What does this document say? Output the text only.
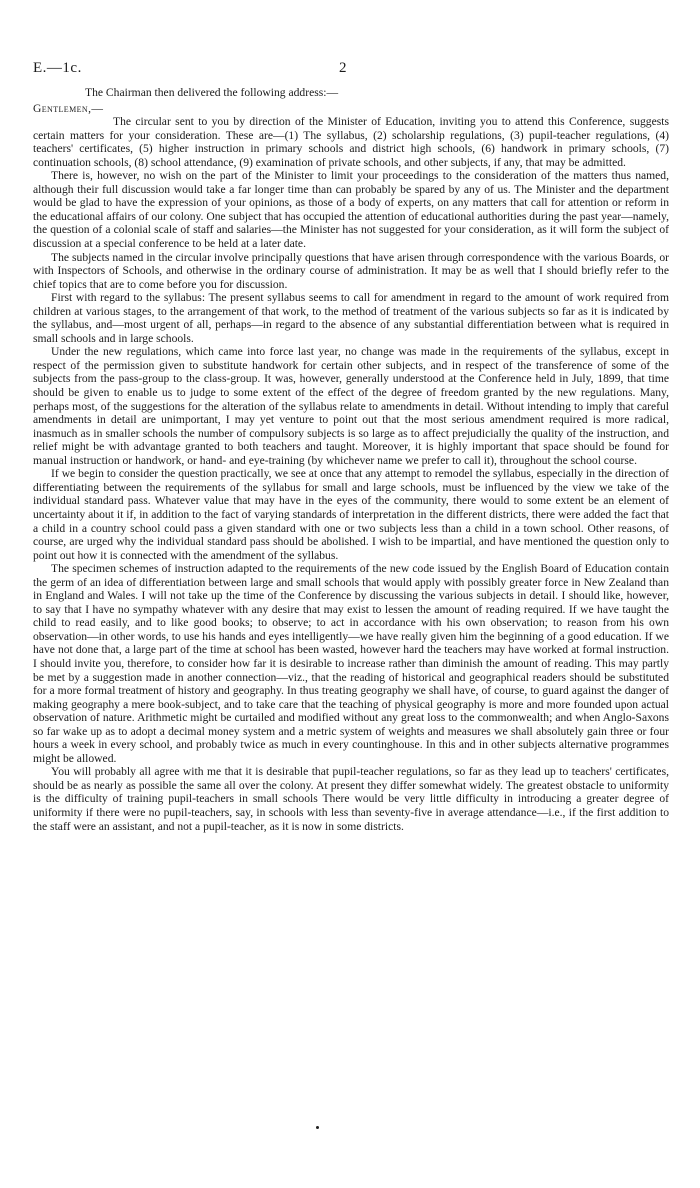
E.—1c.	2

The Chairman then delivered the following address:—

Gentlemen,—

The circular sent to you by direction of the Minister of Education, inviting you to attend this Conference, suggests certain matters for your consideration. These are—(1) The syllabus, (2) scholarship regulations, (3) pupil-teacher regulations, (4) teachers' certificates, (5) higher instruction in primary schools and district high schools, (6) handwork in primary schools, (7) continuation schools, (8) school attendance, (9) examination of private schools, and other subjects, if any, that may be admitted.

There is, however, no wish on the part of the Minister to limit your proceedings to the consideration of the matters thus named, although their full discussion would take a far longer time than can probably be spared by any of us. The Minister and the department would be glad to have the expression of your opinions, as those of a body of experts, on any matters that call for attention or reform in the educational affairs of our colony. One subject that has occupied the attention of educational authorities during the past year—namely, the question of a colonial scale of staff and salaries—the Minister has not suggested for your consideration, as it will form the subject of discussion at a special conference to be held at a later date.

The subjects named in the circular involve principally questions that have arisen through correspondence with the various Boards, or with Inspectors of Schools, and otherwise in the ordinary course of administration. It may be as well that I should briefly refer to the chief topics that are to come before you for discussion.

First with regard to the syllabus: The present syllabus seems to call for amendment in regard to the amount of work required from children at various stages, to the arrangement of that work, to the method of treatment of the various subjects so far as it is indicated by the syllabus, and—most urgent of all, perhaps—in regard to the absence of any substantial differentiation between what is required in small schools and in large schools.

Under the new regulations, which came into force last year, no change was made in the requirements of the syllabus, except in respect of the permission given to substitute handwork for certain other subjects, and in respect of the transference of some of the subjects from the pass-group to the class-group. It was, however, generally understood at the Conference held in July, 1899, that time should be given to enable us to judge to some extent of the effect of the degree of freedom granted by the new regulations. Many, perhaps most, of the suggestions for the alteration of the syllabus relate to amendments in detail. Without intending to imply that careful amendments in detail are unimportant, I may yet venture to point out that the most serious amendment required is more radical, inasmuch as in smaller schools the number of compulsory subjects is so large as to affect prejudicially the quality of the instruction, and relief might be with advantage granted to both teachers and taught. Moreover, it is highly important that space should be found for manual instruction or handwork, or hand- and eye-training (by whichever name we prefer to call it), throughout the school course.

If we begin to consider the question practically, we see at once that any attempt to remodel the syllabus, especially in the direction of differentiating between the requirements of the syllabus for small and large schools, must be influenced by the view we take of the individual standard pass. Whatever value that may have in the eyes of the community, there would to some extent be an element of uncertainty about it if, in addition to the fact of varying standards of interpretation in the different districts, there were added the fact that a child in a country school could pass a given standard with one or two subjects less than a child in a town school. Other reasons, of course, are urged why the individual standard pass should be abolished. I wish to be impartial, and have mentioned the question only to point out how it is connected with the amendment of the syllabus.

The specimen schemes of instruction adapted to the requirements of the new code issued by the English Board of Education contain the germ of an idea of differentiation between large and small schools that would apply with possibly greater force in New Zealand than in England and Wales. I will not take up the time of the Conference by discussing the various subjects in detail. I should like, however, to say that I have no sympathy whatever with any desire that may exist to lessen the amount of reading required. If we have taught the child to read easily, and to like good books; to observe; to act in accordance with his own observation; to reason from his own observation—in other words, to use his hands and eyes intelligently—we have really given him the beginning of a good education. If we have not done that, a large part of the time at school has been wasted, however hard the teachers may have worked at formal instruction. I should invite you, therefore, to consider how far it is desirable to increase rather than diminish the amount of reading. This may partly be met by a suggestion made in another connection—viz., that the reading of historical and geographical readers should be substituted for a more formal treatment of history and geography. In thus treating geography we shall have, of course, to guard against the danger of making geography a mere book-subject, and to take care that the teaching of physical geography is more and more founded upon actual observation of nature. Arithmetic might be curtailed and modified without any great loss to the commonwealth; and when Anglo-Saxons so far wake up as to adopt a decimal money system and a metric system of weights and measures we shall absolutely gain three or four hours a week in every school, and probably twice as much in every countinghouse. In this and in other subjects alternative programmes might be allowed.

You will probably all agree with me that it is desirable that pupil-teacher regulations, so far as they lead up to teachers' certificates, should be as nearly as possible the same all over the colony. At present they differ somewhat widely. The greatest obstacle to uniformity is the difficulty of training pupil-teachers in small schools There would be very little difficulty in introducing a greater degree of uniformity if there were no pupil-teachers, say, in schools with less than seventy-five in average attendance—i.e., if the first addition to the staff were an assistant, and not a pupil-teacher, as it is now in some districts.
